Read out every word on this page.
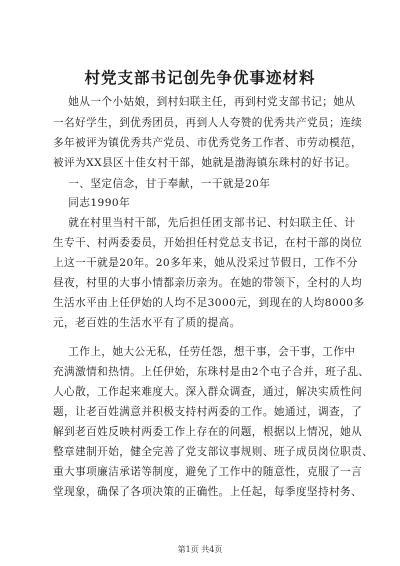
村党支部书记创先争优事迹材料
她从一个小姑娘，到村妇联主任，再到村党支部书记；她从
一名好学生，到优秀团员，再到人人夸赞的优秀共产党员；连续
多年被评为镇优秀共产党员、市优秀党务工作者、市劳动模范，
被评为XX县区十佳女村干部，她就是渤海镇东珠村的好书记。
一、坚定信念，甘于奉献，一干就是20年
同志1990年
就在村里当村干部，先后担任团支部书记、村妇联主任、计
生专干、村两委委员，开始担任村党总支书记，在村干部的岗位
上这一干就是20年。20多年来，她从没采过节假日，工作不分
昼夜，村里的大事小情都亲历亲为。在她的带领下，全村的人均
生活水平由上任伊始的人均不足3000元，到现在的人均8000多
元，老百姓的生活水平有了质的提高。
工作上，她大公无私，任劳任怨，想干事，会干事，工作中
充满激情和热情。上任伊始，东珠村是由2个屯子合并，班子乱、
人心散，工作起来难度大。深入群众调查，通过，解决实质性问
题，让老百姓满意并积极支持村两委的工作。她通过，调查，了
解到老百姓反映村两委工作上存在的问题，根据以上情况，她从
整章建制开始，健全完善了党支部议事规则、班子成员岗位职责、
重大事项廉洁承诺等制度，避免了工作中的随意性，克服了一言
堂现象，确保了各项决策的正确性。上任起，每季度坚持村务、
第1页 共4页
